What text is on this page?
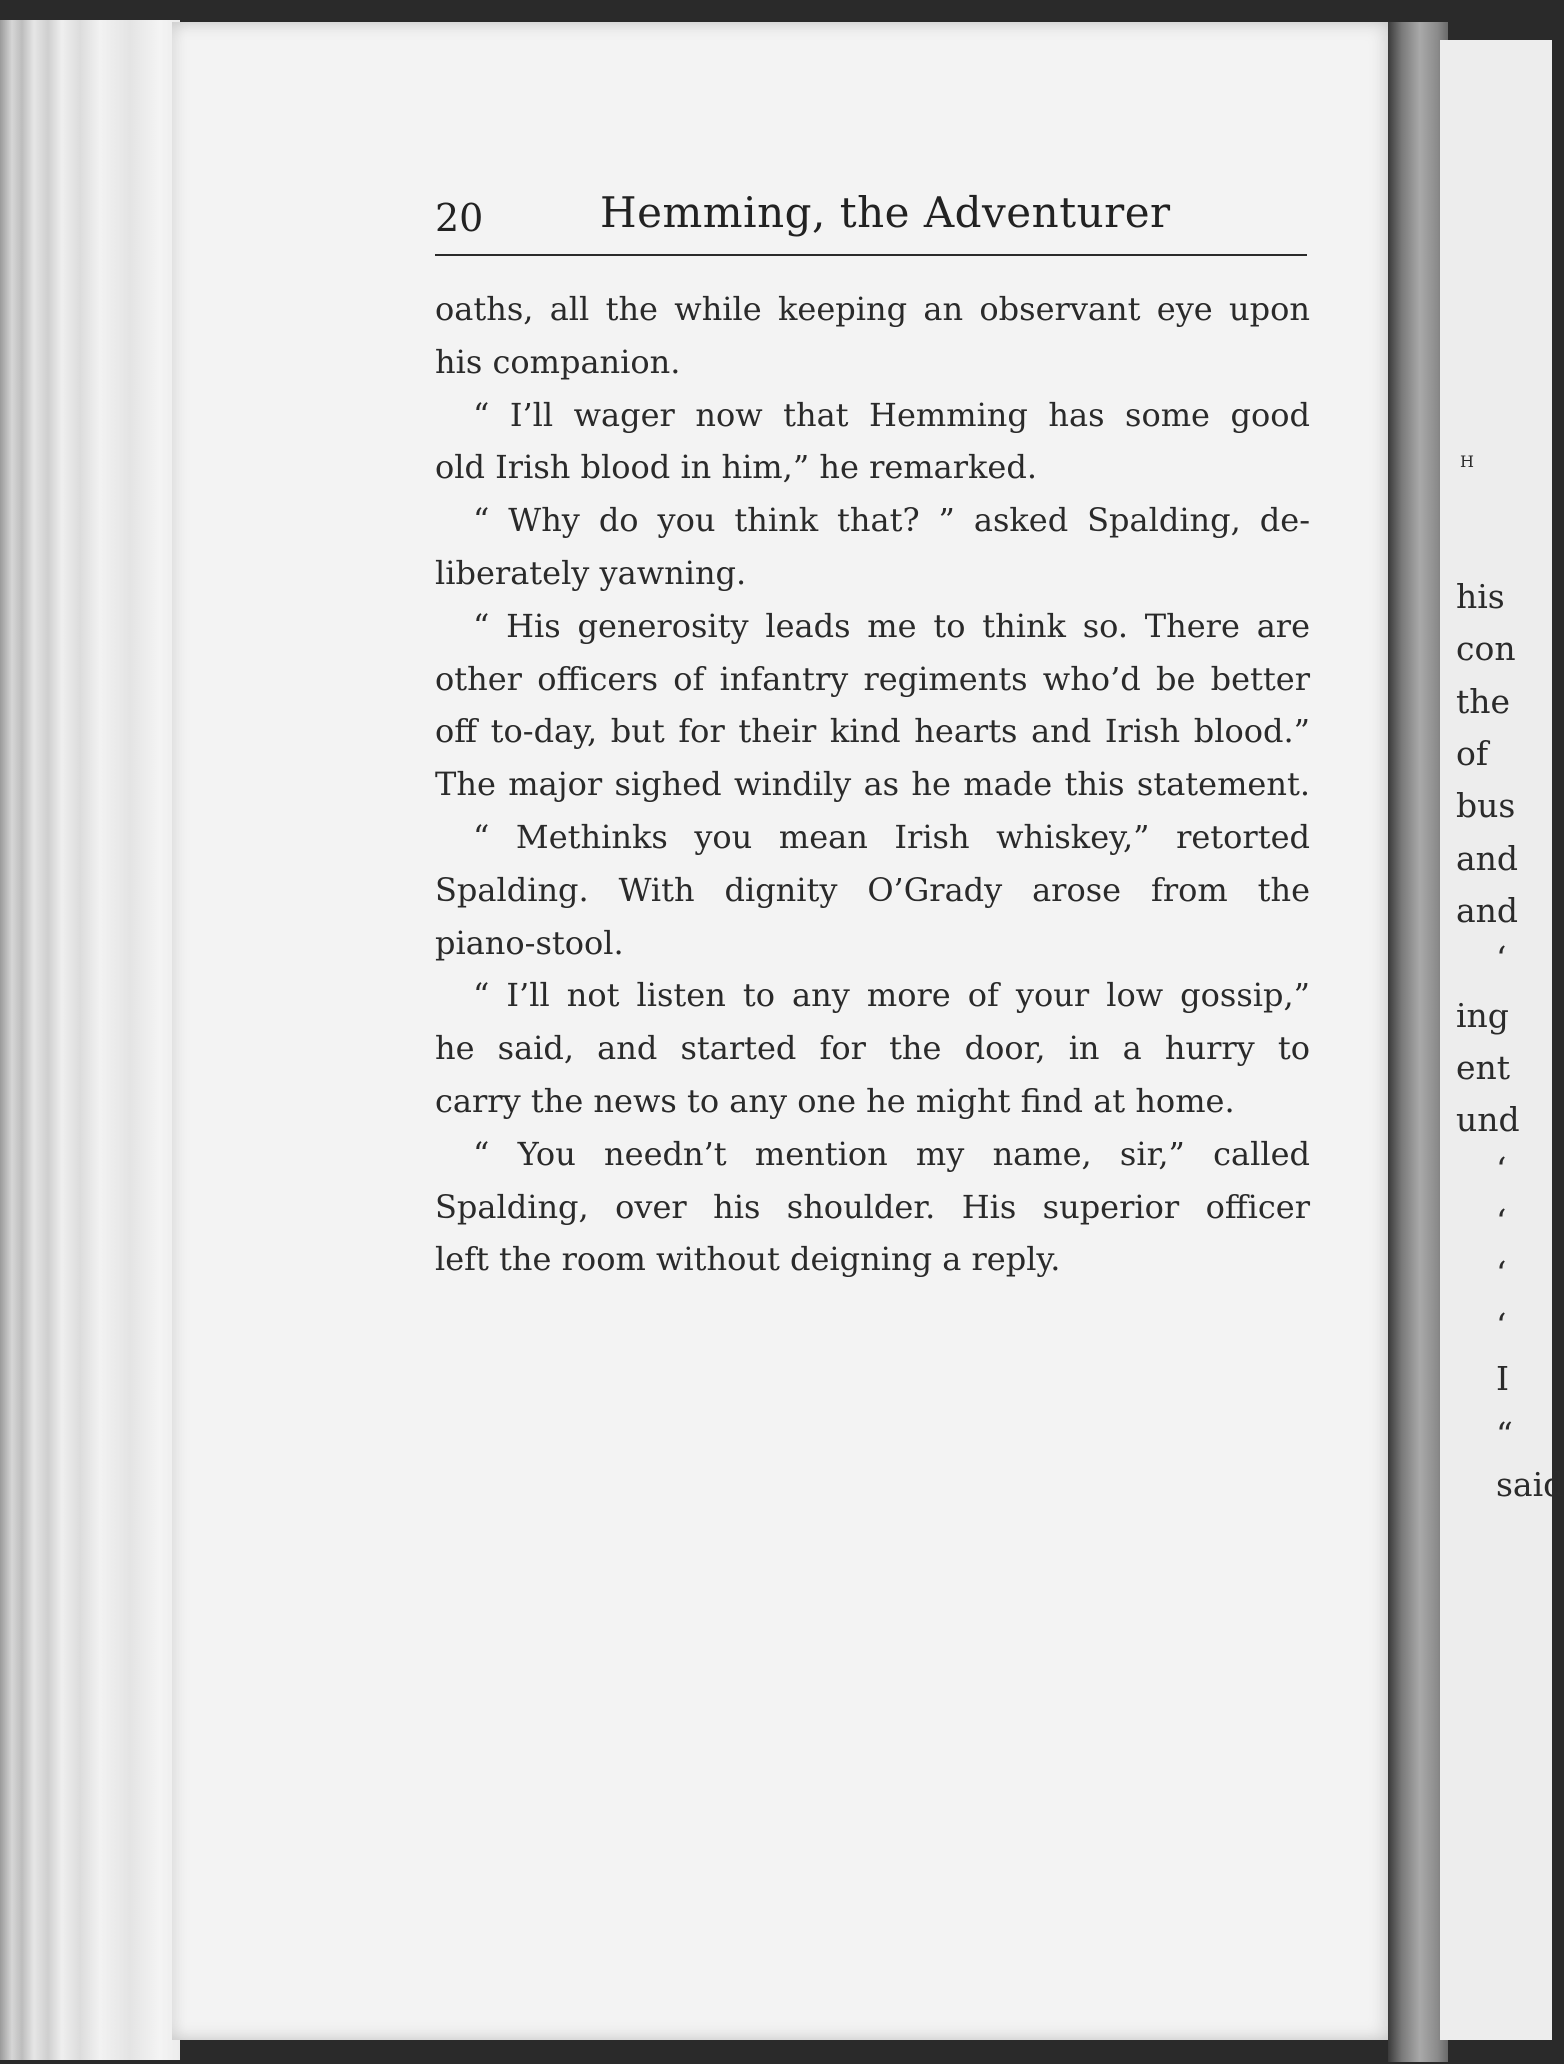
H
his
con
the
of
bus
and
and
‘
ing
ent
und
‘
‘
‘
‘
I
“
said
20	Hemming, the Adventurer
oaths, all the while keeping an observant eye upon
his companion.
“ I’ll wager now that Hemming has some good
old Irish blood in him,” he remarked.
“ Why do you think that? ” asked Spalding, de-
liberately yawning.
“ His generosity leads me to think so. There are
other officers of infantry regiments who’d be better
off to-day, but for their kind hearts and Irish blood.”
The major sighed windily as he made this statement.
“ Methinks you mean Irish whiskey,” retorted
Spalding. With dignity O’Grady arose from the
piano-stool.
“ I’ll not listen to any more of your low gossip,”
he said, and started for the door, in a hurry to
carry the news to any one he might find at home.
“ You needn’t mention my name, sir,” called
Spalding, over his shoulder. His superior officer
left the room without deigning a reply.
